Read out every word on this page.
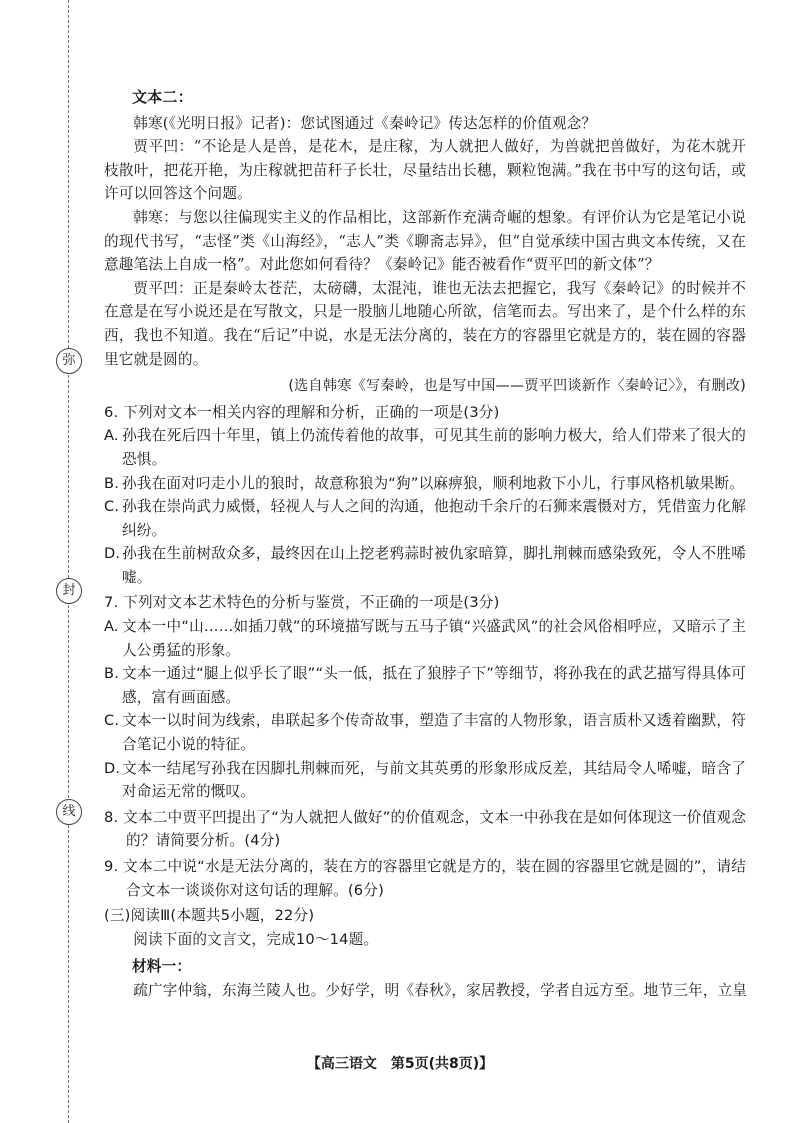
弥
封
线

文本二：

韩寒(《光明日报》记者)：您试图通过《秦岭记》传达怎样的价值观念？

贾平凹：“不论是人是兽，是花木，是庄稼，为人就把人做好，为兽就把兽做好，为花木就开枝散叶，把花开艳，为庄稼就把苗秆子长壮，尽量结出长穗，颗粒饱满。”我在书中写的这句话，或许可以回答这个问题。

韩寒：与您以往偏现实主义的作品相比，这部新作充满奇崛的想象。有评价认为它是笔记小说的现代书写，“志怪”类《山海经》，“志人”类《聊斋志异》，但“自觉承续中国古典文本传统，又在意趣笔法上自成一格”。对此您如何看待？《秦岭记》能否被看作“贾平凹的新文体”？

贾平凹：正是秦岭太苍茫，太磅礴，太混沌，谁也无法去把握它，我写《秦岭记》的时候并不在意是在写小说还是在写散文，只是一股脑儿地随心所欲，信笔而去。写出来了，是个什么样的东西，我也不知道。我在“后记”中说，水是无法分离的，装在方的容器里它就是方的，装在圆的容器里它就是圆的。

(选自韩寒《写秦岭，也是写中国——贾平凹谈新作〈秦岭记〉》，有删改)

6. 下列对文本一相关内容的理解和分析，正确的一项是(3分)

A. 孙我在死后四十年里，镇上仍流传着他的故事，可见其生前的影响力极大，给人们带来了很大的恐惧。

B. 孙我在面对叼走小儿的狼时，故意称狼为“狗”以麻痹狼，顺利地救下小儿，行事风格机敏果断。

C. 孙我在崇尚武力威慑，轻视人与人之间的沟通，他抱动千余斤的石狮来震慑对方，凭借蛮力化解纠纷。

D. 孙我在生前树敌众多，最终因在山上挖老鸦蒜时被仇家暗算，脚扎荆棘而感染致死，令人不胜唏嘘。

7. 下列对文本艺术特色的分析与鉴赏，不正确的一项是(3分)

A. 文本一中“山……如插刀戟”的环境描写既与五马子镇“兴盛武风”的社会风俗相呼应，又暗示了主人公勇猛的形象。

B. 文本一通过“腿上似乎长了眼”“头一低，抵在了狼脖子下”等细节，将孙我在的武艺描写得具体可感，富有画面感。

C. 文本一以时间为线索，串联起多个传奇故事，塑造了丰富的人物形象，语言质朴又透着幽默，符合笔记小说的特征。

D. 文本一结尾写孙我在因脚扎荆棘而死，与前文其英勇的形象形成反差，其结局令人唏嘘，暗含了对命运无常的慨叹。

8. 文本二中贾平凹提出了“为人就把人做好”的价值观念，文本一中孙我在是如何体现这一价值观念的？请简要分析。(4分)

9. 文本二中说“水是无法分离的，装在方的容器里它就是方的，装在圆的容器里它就是圆的”，请结合文本一谈谈你对这句话的理解。(6分)

(三)阅读Ⅲ(本题共5小题，22分)

阅读下面的文言文，完成10～14题。

材料一：

疏广字仲翁，东海兰陵人也。少好学，明《春秋》，家居教授，学者自远方至。地节三年，立皇

【高三语文　第5页(共8页)】
